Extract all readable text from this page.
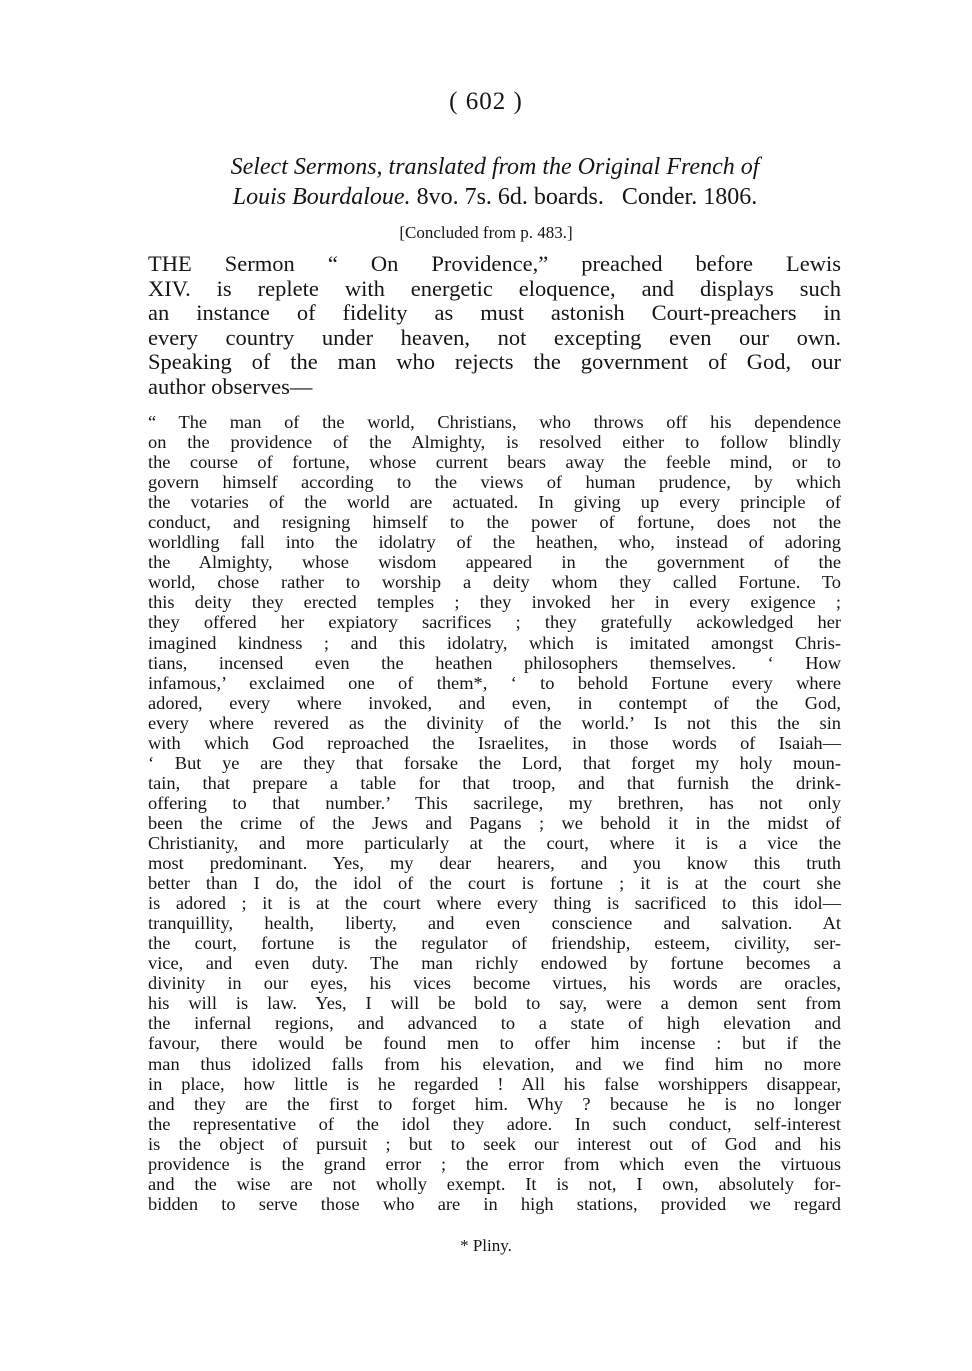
( 602 )
Select Sermons, translated from the Original French of
Louis Bourdaloue. 8vo. 7s. 6d. boards.   Conder. 1806.
[Concluded from p. 483.]
THE Sermon “ On Providence,” preached before Lewis
XIV. is replete with energetic eloquence, and displays such
an instance of fidelity as must astonish Court-preachers in
every country under heaven, not excepting even our own.
Speaking of the man who rejects the government of God, our
author observes—
“ The man of the world, Christians, who throws off his dependence
on the providence of the Almighty, is resolved either to follow blindly
the course of fortune, whose current bears away the feeble mind, or to
govern himself according to the views of human prudence, by which
the votaries of the world are actuated. In giving up every principle of
conduct, and resigning himself to the power of fortune, does not the
worldling fall into the idolatry of the heathen, who, instead of adoring
the Almighty, whose wisdom appeared in the government of the
world, chose rather to worship a deity whom they called Fortune. To
this deity they erected temples ; they invoked her in every exigence ;
they offered her expiatory sacrifices ; they gratefully ackowledged her
imagined kindness ; and this idolatry, which is imitated amongst Chris-
tians, incensed even the heathen philosophers themselves. ‘ How
infamous,’ exclaimed one of them*, ‘ to behold Fortune every where
adored, every where invoked, and even, in contempt of the God,
every where revered as the divinity of the world.’ Is not this the sin
with which God reproached the Israelites, in those words of Isaiah—
‘ But ye are they that forsake the Lord, that forget my holy moun-
tain, that prepare a table for that troop, and that furnish the drink-
offering to that number.’ This sacrilege, my brethren, has not only
been the crime of the Jews and Pagans ; we behold it in the midst of
Christianity, and more particularly at the court, where it is a vice the
most predominant. Yes, my dear hearers, and you know this truth
better than I do, the idol of the court is fortune ; it is at the court she
is adored ; it is at the court where every thing is sacrificed to this idol—
tranquillity, health, liberty, and even conscience and salvation. At
the court, fortune is the regulator of friendship, esteem, civility, ser-
vice, and even duty. The man richly endowed by fortune becomes a
divinity in our eyes, his vices become virtues, his words are oracles,
his will is law. Yes, I will be bold to say, were a demon sent from
the infernal regions, and advanced to a state of high elevation and
favour, there would be found men to offer him incense : but if the
man thus idolized falls from his elevation, and we find him no more
in place, how little is he regarded ! All his false worshippers disappear,
and they are the first to forget him. Why ? because he is no longer
the representative of the idol they adore. In such conduct, self-interest
is the object of pursuit ; but to seek our interest out of God and his
providence is the grand error ; the error from which even the virtuous
and the wise are not wholly exempt. It is not, I own, absolutely for-
bidden to serve those who are in high stations, provided we regard
* Pliny.
